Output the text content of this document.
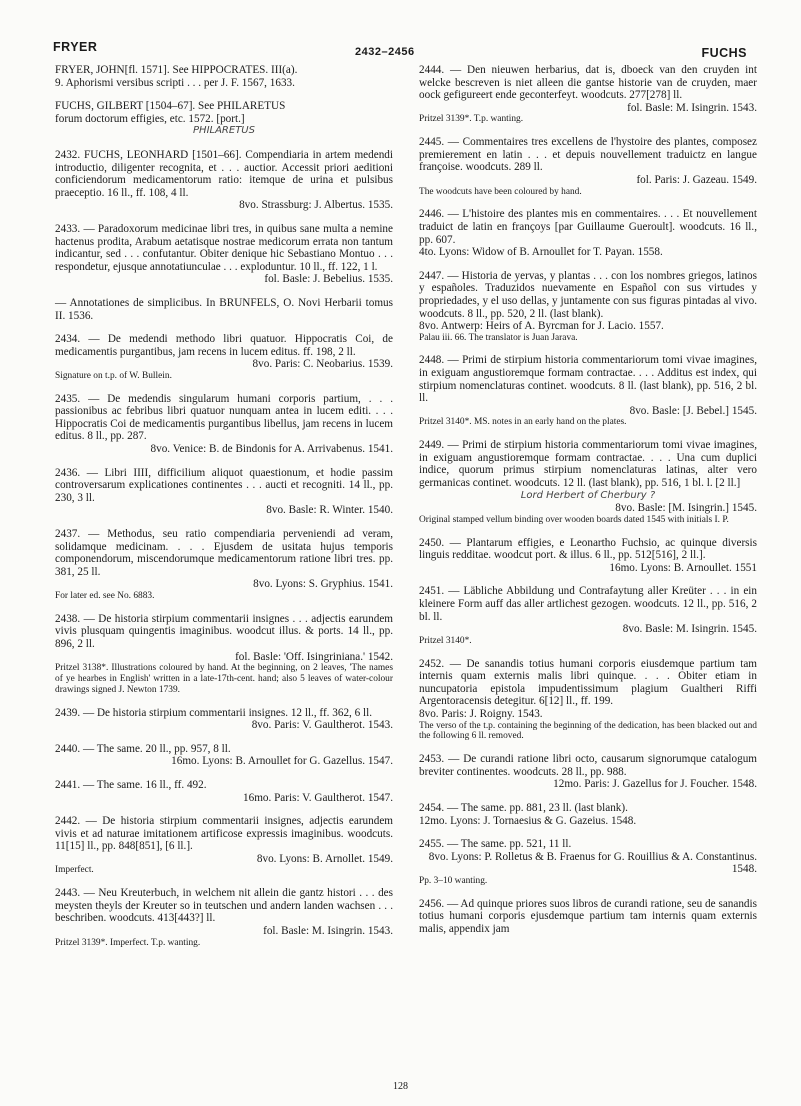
FRYER	2432–2456	FUCHS

FRYER, JOHN[fl. 1571]. See HIPPOCRATES. III(a).

9. Aphorismi versibus scripti . . . per J. F. 1567, 1633.

FUCHS, GILBERT [1504–67]. See PHILARETUS

forum doctorum effigies, etc. 1572. [port.]

PHILARETUS

2432. FUCHS, LEONHARD [1501–66]. Compendiaria in artem medendi introductio, diligenter recognita, et . . . auctior. Accessit priori aeditioni conficiendorum medicamentorum ratio: itemque de urina et pulsibus praeceptio. 16 ll., ff. 108, 4 ll.

8vo. Strassburg: J. Albertus. 1535.

2433. — Paradoxorum medicinae libri tres, in quibus sane multa a nemine hactenus prodita, Arabum aetatisque nostrae medicorum errata non tantum indicantur, sed . . . confutantur. Obiter denique hic Sebastiano Montuo . . . respondetur, ejusque annotatiunculae . . . exploduntur. 10 ll., ff. 122, 1 l.

fol. Basle: J. Bebelius. 1535.

— Annotationes de simplicibus. In BRUNFELS, O. Novi Herbarii tomus II. 1536.

2434. — De medendi methodo libri quatuor. Hippocratis Coi, de medicamentis purgantibus, jam recens in lucem editus. ff. 198, 2 ll.

8vo. Paris: C. Neobarius. 1539.

Signature on t.p. of W. Bullein.

2435. — De medendis singularum humani corporis partium, . . . passionibus ac febribus libri quatuor nunquam antea in lucem editi. . . . Hippocratis Coi de medicamentis purgantibus libellus, jam recens in lucem editus. 8 ll., pp. 287.

8vo. Venice: B. de Bindonis for A. Arrivabenus. 1541.

2436. — Libri IIII, difficilium aliquot quaestionum, et hodie passim controversarum explicationes continentes . . . aucti et recogniti. 14 ll., pp. 230, 3 ll.

8vo. Basle: R. Winter. 1540.

2437. — Methodus, seu ratio compendiaria perveniendi ad veram, solidamque medicinam. . . . Ejusdem de usitata hujus temporis componendorum, miscendorumque medicamentorum ratione libri tres. pp. 381, 25 ll.

8vo. Lyons: S. Gryphius. 1541.

For later ed. see No. 6883.

2438. — De historia stirpium commentarii insignes . . . adjectis earundem vivis plusquam quingentis imaginibus. woodcut illus. & ports. 14 ll., pp. 896, 2 ll.

fol. Basle: 'Off. Isingriniana.' 1542.

Pritzel 3138*. Illustrations coloured by hand. At the beginning, on 2 leaves, 'The names of ye hearbes in English' written in a late-17th-cent. hand; also 5 leaves of water-colour drawings signed J. Newton 1739.

2439. — De historia stirpium commentarii insignes. 12 ll., ff. 362, 6 ll.

8vo. Paris: V. Gaultherot. 1543.

2440. — The same. 20 ll., pp. 957, 8 ll.

16mo. Lyons: B. Arnoullet for G. Gazellus. 1547.

2441. — The same. 16 ll., ff. 492.

16mo. Paris: V. Gaultherot. 1547.

2442. — De historia stirpium commentarii insignes, adjectis earundem vivis et ad naturae imitationem artificose expressis imaginibus. woodcuts. 11[15] ll., pp. 848[851], [6 ll.].

8vo. Lyons: B. Arnollet. 1549.

Imperfect.

2443. — Neu Kreuterbuch, in welchem nit allein die gantz histori . . . des meysten theyls der Kreuter so in teutschen und andern landen wachsen . . . beschriben. woodcuts. 413[443?] ll.

fol. Basle: M. Isingrin. 1543.

Pritzel 3139*. Imperfect. T.p. wanting.

2444. — Den nieuwen herbarius, dat is, dboeck van den cruyden int welcke bescreven is niet alleen die gantse historie van de cruyden, maer oock gefigureert ende geconterfeyt. woodcuts. 277[278] ll.

fol. Basle: M. Isingrin. 1543.

Pritzel 3139*. T.p. wanting.

2445. — Commentaires tres excellens de l'hystoire des plantes, composez premierement en latin . . . et depuis nouvellement traduictz en langue françoise. woodcuts. 289 ll.

fol. Paris: J. Gazeau. 1549.

The woodcuts have been coloured by hand.

2446. — L'histoire des plantes mis en commentaires. . . . Et nouvellement traduict de latin en françoys [par Guillaume Gueroult]. woodcuts. 16 ll., pp. 607.

4to. Lyons: Widow of B. Arnoullet for T. Payan. 1558.

2447. — Historia de yervas, y plantas . . . con los nombres griegos, latinos y españoles. Traduzidos nuevamente en Español con sus virtudes y propriedades, y el uso dellas, y juntamente con sus figuras pintadas al vivo. woodcuts. 8 ll., pp. 520, 2 ll. (last blank).

8vo. Antwerp: Heirs of A. Byrcman for J. Lacio. 1557.

Palau iii. 66. The translator is Juan Jarava.

2448. — Primi de stirpium historia commentariorum tomi vivae imagines, in exiguam angustioremque formam contractae. . . . Additus est index, qui stirpium nomenclaturas continet. woodcuts. 8 ll. (last blank), pp. 516, 2 bl. ll.

8vo. Basle: [J. Bebel.] 1545.

Pritzel 3140*. MS. notes in an early hand on the plates.

2449. — Primi de stirpium historia commentariorum tomi vivae imagines, in exiguam angustioremque formam contractae. . . . Una cum duplici indice, quorum primus stirpium nomenclaturas latinas, alter vero germanicas continet. woodcuts. 12 ll. (last blank), pp. 516, 1 bl. l. [2 ll.]

Lord Herbert of Cherbury ?

8vo. Basle: [M. Isingrin.] 1545.

Original stamped vellum binding over wooden boards dated 1545 with initials I. P.

2450. — Plantarum effigies, e Leonartho Fuchsio, ac quinque diversis linguis redditae. woodcut port. & illus. 6 ll., pp. 512[516], 2 ll.].

16mo. Lyons: B. Arnoullet. 1551

2451. — Läbliche Abbildung und Contrafaytung aller Kreüter . . . in ein kleinere Form auff das aller artlichest gezogen. woodcuts. 12 ll., pp. 516, 2 bl. ll.

8vo. Basle: M. Isingrin. 1545.

Pritzel 3140*.

2452. — De sanandis totius humani corporis eiusdemque partium tam internis quam externis malis libri quinque. . . . Obiter etiam in nuncupatoria epistola impudentissimum plagium Gualtheri Riffi Argentoracensis detegitur. 6[12] ll., ff. 199.

8vo. Paris: J. Roigny. 1543.

The verso of the t.p. containing the beginning of the dedication, has been blacked out and the following 6 ll. removed.

2453. — De curandi ratione libri octo, causarum signorumque catalogum breviter continentes. woodcuts. 28 ll., pp. 988.

12mo. Paris: J. Gazellus for J. Foucher. 1548.

2454. — The same. pp. 881, 23 ll. (last blank).

12mo. Lyons: J. Tornaesius & G. Gazeius. 1548.

2455. — The same. pp. 521, 11 ll.

8vo. Lyons: P. Rolletus & B. Fraenus for G. Rouillius & A. Constantinus. 1548.

Pp. 3–10 wanting.

2456. — Ad quinque priores suos libros de curandi ratione, seu de sanandis totius humani corporis ejusdemque partium tam internis quam externis malis, appendix jam

128
